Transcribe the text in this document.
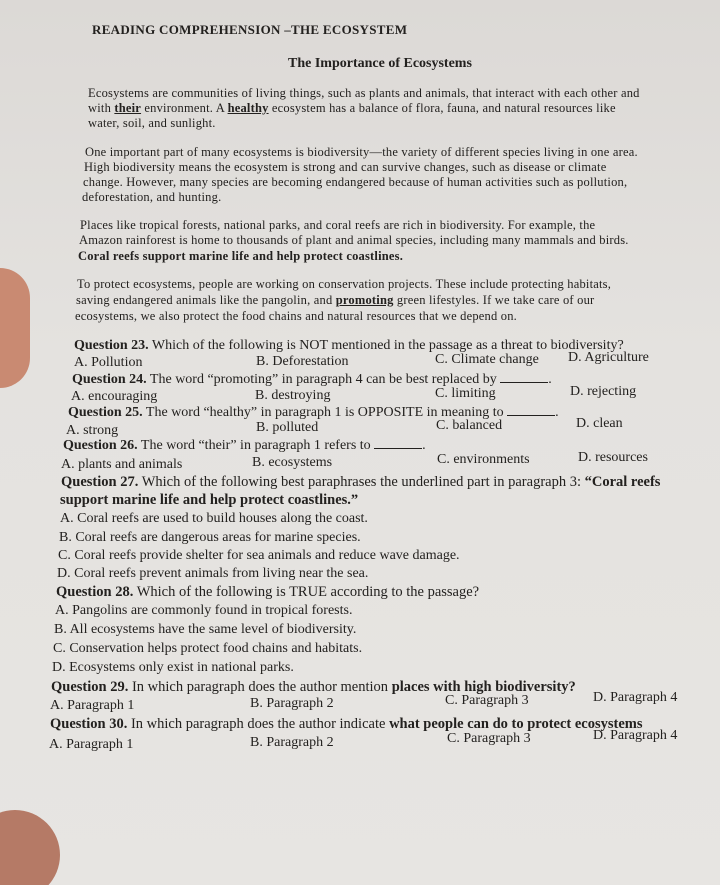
READING COMPREHENSION –THE ECOSYSTEM

The Importance of Ecosystems

Ecosystems are communities of living things, such as plants and animals, that interact with each other and

with their environment. A healthy ecosystem has a balance of flora, fauna, and natural resources like

water, soil, and sunlight.

One important part of many ecosystems is biodiversity—the variety of different species living in one area.

High biodiversity means the ecosystem is strong and can survive changes, such as disease or climate

change. However, many species are becoming endangered because of human activities such as pollution,

deforestation, and hunting.

Places like tropical forests, national parks, and coral reefs are rich in biodiversity. For example, the

Amazon rainforest is home to thousands of plant and animal species, including many mammals and birds.

Coral reefs support marine life and help protect coastlines.

To protect ecosystems, people are working on conservation projects. These include protecting habitats,

saving endangered animals like the pangolin, and promoting green lifestyles. If we take care of our

ecosystems, we also protect the food chains and natural resources that we depend on.

Question 23. Which of the following is NOT mentioned in the passage as a threat to biodiversity?

A. Pollution	B. Deforestation	C. Climate change D. Agriculture

Question 24. The word “promoting” in paragraph 4 can be best replaced by	.

A. encouraging	B. destroying	C. limiting	D. rejecting

Question 25. The word “healthy” in paragraph 1 is OPPOSITE in meaning to	.

A. strong	B. polluted	C. balanced	D. clean

Question 26. The word “their” in paragraph 1 refers to	.

A. plants and animals	B. ecosystems	C. environments	D. resources

Question 27. Which of the following best paraphrases the underlined part in paragraph 3: “Coral reefs

support marine life and help protect coastlines.”

A. Coral reefs are used to build houses along the coast.

B. Coral reefs are dangerous areas for marine species.

C. Coral reefs provide shelter for sea animals and reduce wave damage.

D. Coral reefs prevent animals from living near the sea.

Question 28. Which of the following is TRUE according to the passage?

A. Pangolins are commonly found in tropical forests.

B. All ecosystems have the same level of biodiversity.

C. Conservation helps protect food chains and habitats.

D. Ecosystems only exist in national parks.

Question 29. In which paragraph does the author mention places with high biodiversity?

A. Paragraph 1	B. Paragraph 2	C. Paragraph 3	D. Paragraph 4

Question 30. In which paragraph does the author indicate what people can do to protect ecosystems

A. Paragraph 1	B. Paragraph 2	C. Paragraph 3	D. Paragraph 4
